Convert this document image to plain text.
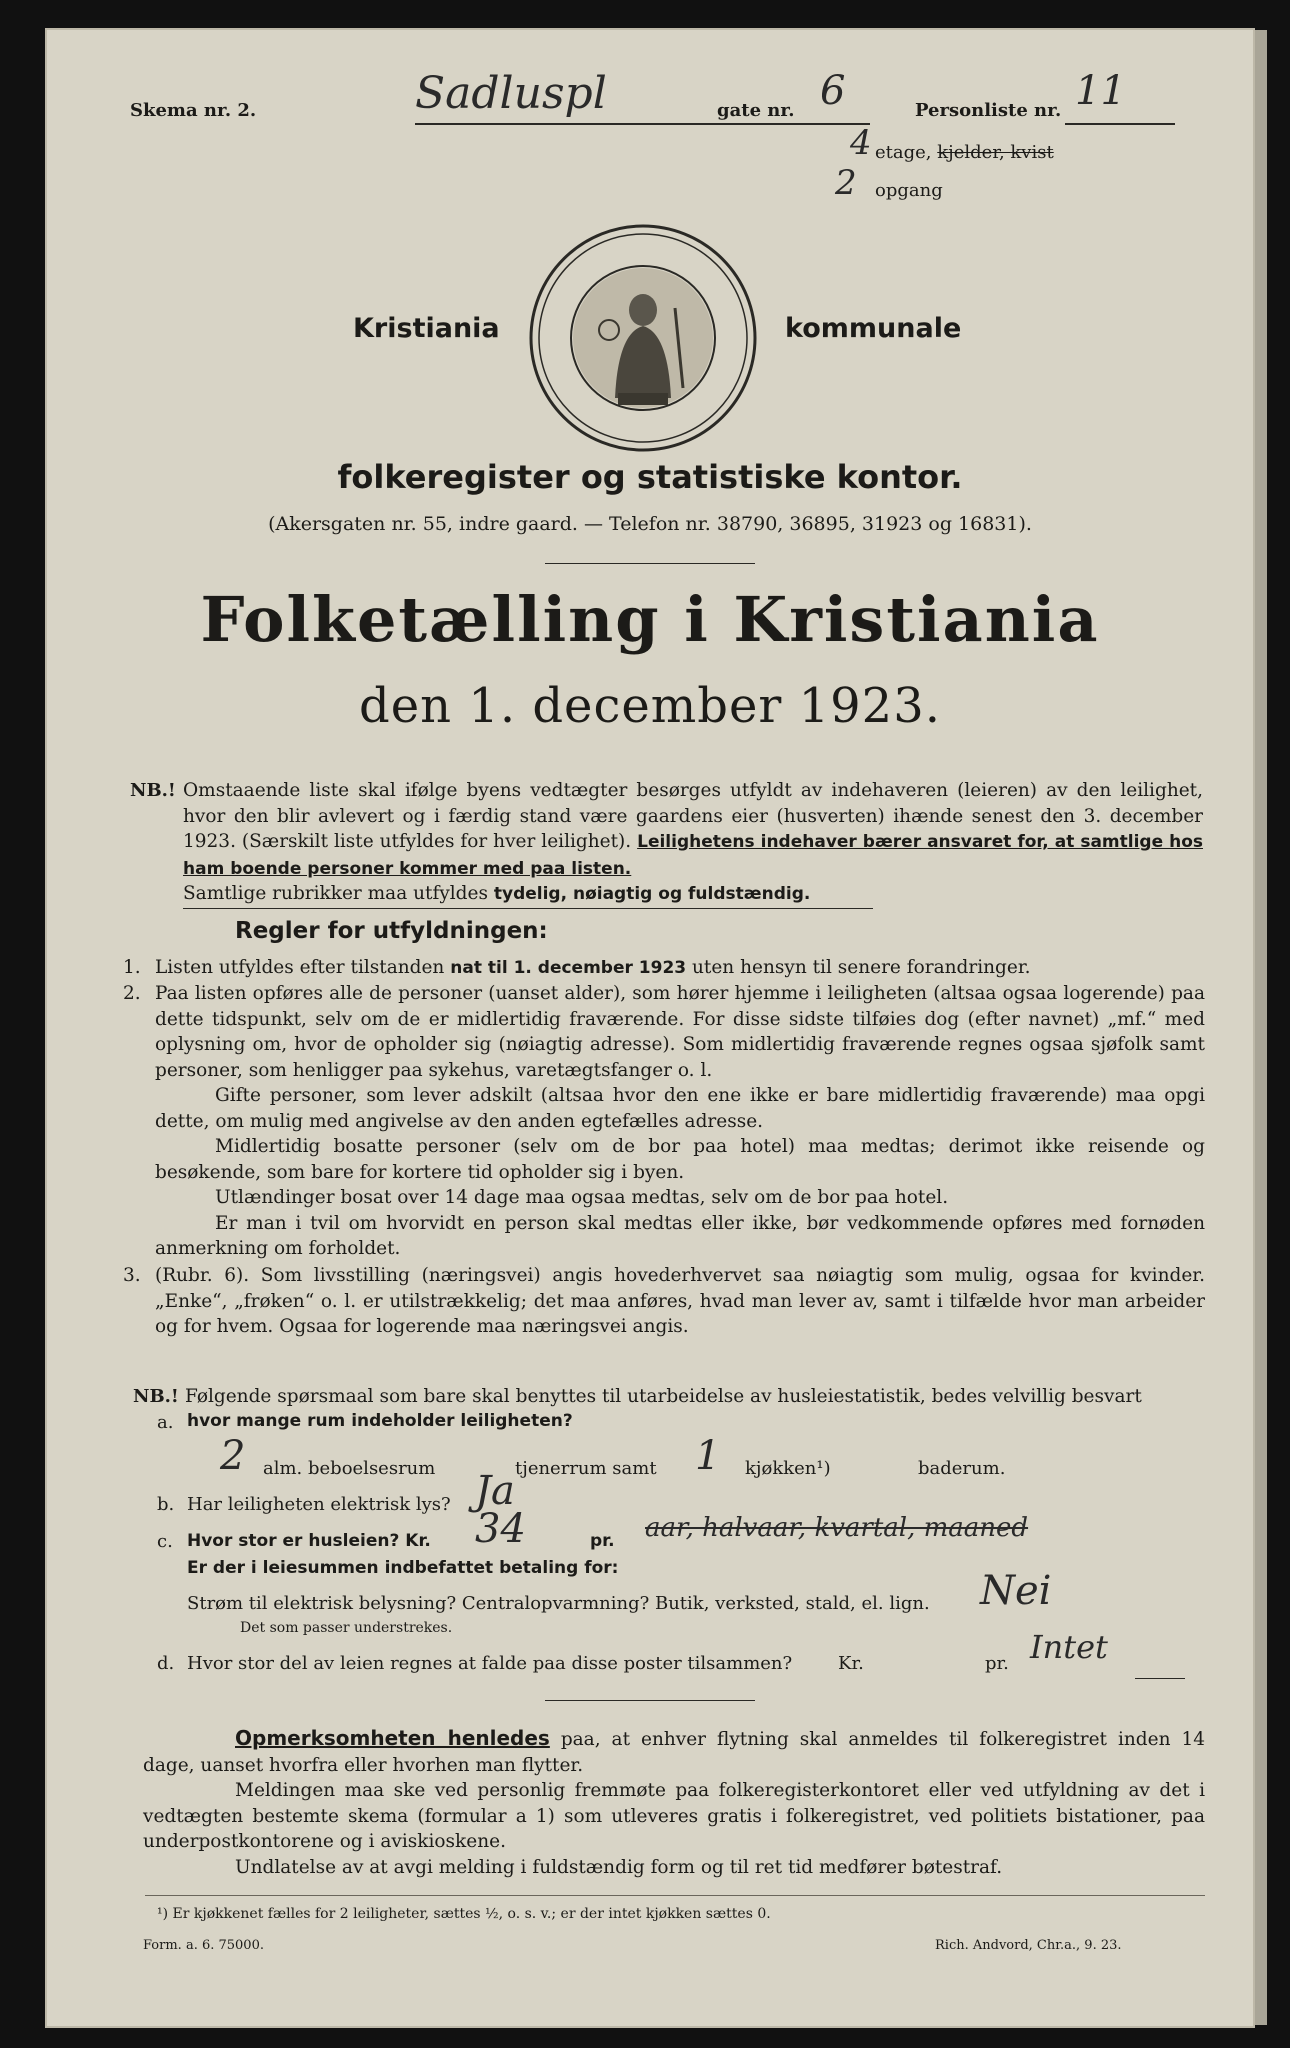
Skema nr. 2.	Sadluspl	gate nr. 6	Personliste nr. 11
4 etage, kjelder, kvist
2 opgang
Kristiania	kommunale
folkeregister og statistiske kontor.
(Akersgaten nr. 55, indre gaard. — Telefon nr. 38790, 36895, 31923 og 16831).
Folketælling i Kristiania
den 1. december 1923.
NB.! Omstaaende liste skal ifølge byens vedtægter besørges utfyldt av indehaveren (leieren) av den leilighet, hvor den blir avlevert og i færdig stand være gaardens eier (husverten) ihænde senest den 3. december 1923. (Særskilt liste utfyldes for hver leilighet). Leilighetens indehaver bærer ansvaret for, at samtlige hos ham boende personer kommer med paa listen.
Samtlige rubrikker maa utfyldes tydelig, nøiagtig og fuldstændig.
Regler for utfyldningen:
1. Listen utfyldes efter tilstanden nat til 1. december 1923 uten hensyn til senere forandringer.
2. Paa listen opføres alle de personer (uanset alder), som hører hjemme i leiligheten (altsaa ogsaa logerende) paa dette tidspunkt, selv om de er midlertidig fraværende. For disse sidste tilføies dog (efter navnet) „mf.“ med oplysning om, hvor de opholder sig (nøiagtig adresse). Som midlertidig fraværende regnes ogsaa sjøfolk samt personer, som henligger paa sykehus, varetægtsfanger o. l.
Gifte personer, som lever adskilt (altsaa hvor den ene ikke er bare midlertidig fraværende) maa opgi dette, om mulig med angivelse av den anden egtefælles adresse.
Midlertidig bosatte personer (selv om de bor paa hotel) maa medtas; derimot ikke reisende og besøkende, som bare for kortere tid opholder sig i byen.
Utlændinger bosat over 14 dage maa ogsaa medtas, selv om de bor paa hotel.
Er man i tvil om hvorvidt en person skal medtas eller ikke, bør vedkommende opføres med fornøden anmerkning om forholdet.
3. (Rubr. 6). Som livsstilling (næringsvei) angis hovederhvervet saa nøiagtig som mulig, ogsaa for kvinder. „Enke“, „frøken“ o. l. er utilstrækkelig; det maa anføres, hvad man lever av, samt i tilfælde hvor man arbeider og for hvem. Ogsaa for logerende maa næringsvei angis.
NB.! Følgende spørsmaal som bare skal benyttes til utarbeidelse av husleiestatistik, bedes velvillig besvart
a. hvor mange rum indeholder leiligheten?
2 alm. beboelsesrum	tjenerrum samt 1 kjøkken¹)	baderum.
b. Har leiligheten elektrisk lys? Ja
c. Hvor stor er husleien? Kr. 34	pr. aar, halvaar, kvartal, maaned
Er der i leiesummen indbefattet betaling for:
Strøm til elektrisk belysning? Centralopvarmning? Butik, verksted, stald, el. lign. Nei
Det som passer understrekes.
d. Hvor stor del av leien regnes at falde paa disse poster tilsammen?	Kr.	pr. Intet
Opmerksomheten henledes paa, at enhver flytning skal anmeldes til folkeregistret inden 14 dage, uanset hvorfra eller hvorhen man flytter.
Meldingen maa ske ved personlig fremmøte paa folkeregisterkontoret eller ved utfyldning av det i vedtægten bestemte skema (formular a 1) som utleveres gratis i folkeregistret, ved politiets bistationer, paa underpostkontorene og i aviskioskene.
Undlatelse av at avgi melding i fuldstændig form og til ret tid medfører bøtestraf.
¹) Er kjøkkenet fælles for 2 leiligheter, sættes ½, o. s. v.; er der intet kjøkken sættes 0.
Form. a. 6. 75000.	Rich. Andvord, Chr.a., 9. 23.
